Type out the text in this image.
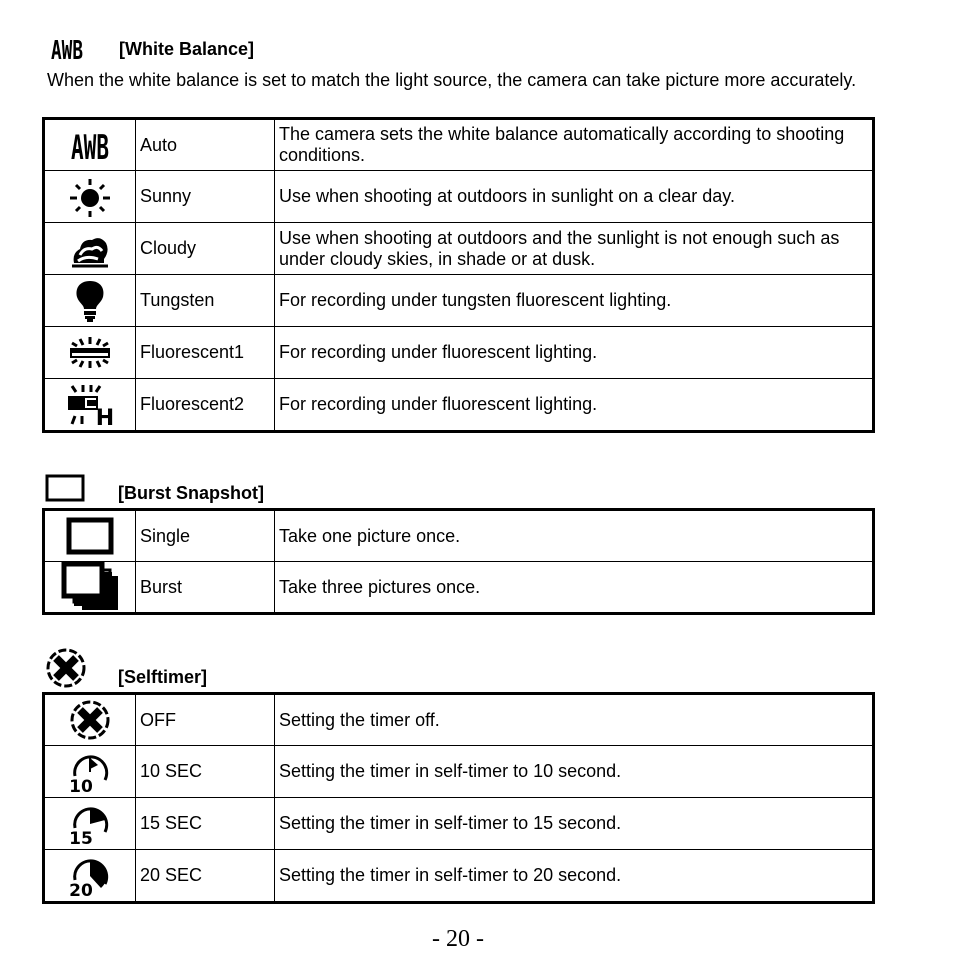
AWB [White Balance]
When the white balance is set to match the light source, the camera can take picture more accurately.
AWB	Auto	The camera sets the white balance automatically according to shooting conditions.

	Sunny	Use when shooting at outdoors in sunlight on a clear day.

	Cloudy	Use when shooting at outdoors and the sunlight is not enough such as under cloudy skies, in shade or at dusk.

	Tungsten	For recording under tungsten fluorescent lighting.

	Fluorescent1	For recording under fluorescent lighting.

H	Fluorescent2	For recording under fluorescent lighting.
[Burst Snapshot]
	Single	Take one picture once.

	Burst	Take three pictures once.
[Selftimer]
	OFF	Setting the timer off.

10	10 SEC	Setting the timer in self-timer to 10 second.

15	15 SEC	Setting the timer in self-timer to 15 second.

20	20 SEC	Setting the timer in self-timer to 20 second.
- 20 -
